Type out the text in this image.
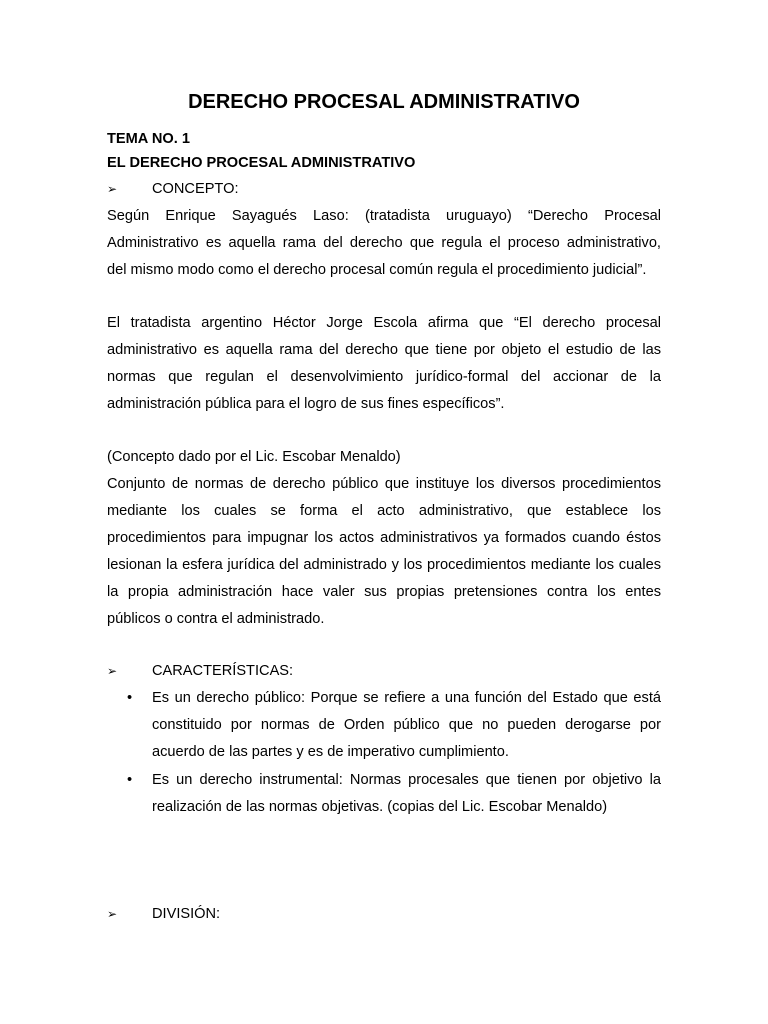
DERECHO PROCESAL ADMINISTRATIVO
TEMA NO. 1
EL DERECHO PROCESAL ADMINISTRATIVO
➢ CONCEPTO:
Según Enrique Sayagués Laso: (tratadista uruguayo) “Derecho Procesal
Administrativo es aquella rama del derecho que regula el proceso administrativo,
del mismo modo como el derecho procesal común regula el procedimiento judicial”.
El tratadista argentino Héctor Jorge Escola afirma que “El derecho procesal
administrativo es aquella rama del derecho que tiene por objeto el estudio de las
normas que regulan el desenvolvimiento jurídico-formal del accionar de la
administración pública para el logro de sus fines específicos”.
(Concepto dado por el Lic. Escobar Menaldo)
Conjunto de normas de derecho público que instituye los diversos procedimientos
mediante los cuales se forma el acto administrativo, que establece los
procedimientos para impugnar los actos administrativos ya formados cuando éstos
lesionan la esfera jurídica del administrado y los procedimientos mediante los cuales
la propia administración hace valer sus propias pretensiones contra los entes
públicos o contra el administrado.
➢ CARACTERÍSTICAS:
• Es un derecho público: Porque se refiere a una función del Estado que está
constituido por normas de Orden público que no pueden derogarse por
acuerdo de las partes y es de imperativo cumplimiento.
• Es un derecho instrumental: Normas procesales que tienen por objetivo la
realización de las normas objetivas. (copias del Lic. Escobar Menaldo)
➢ DIVISIÓN:
